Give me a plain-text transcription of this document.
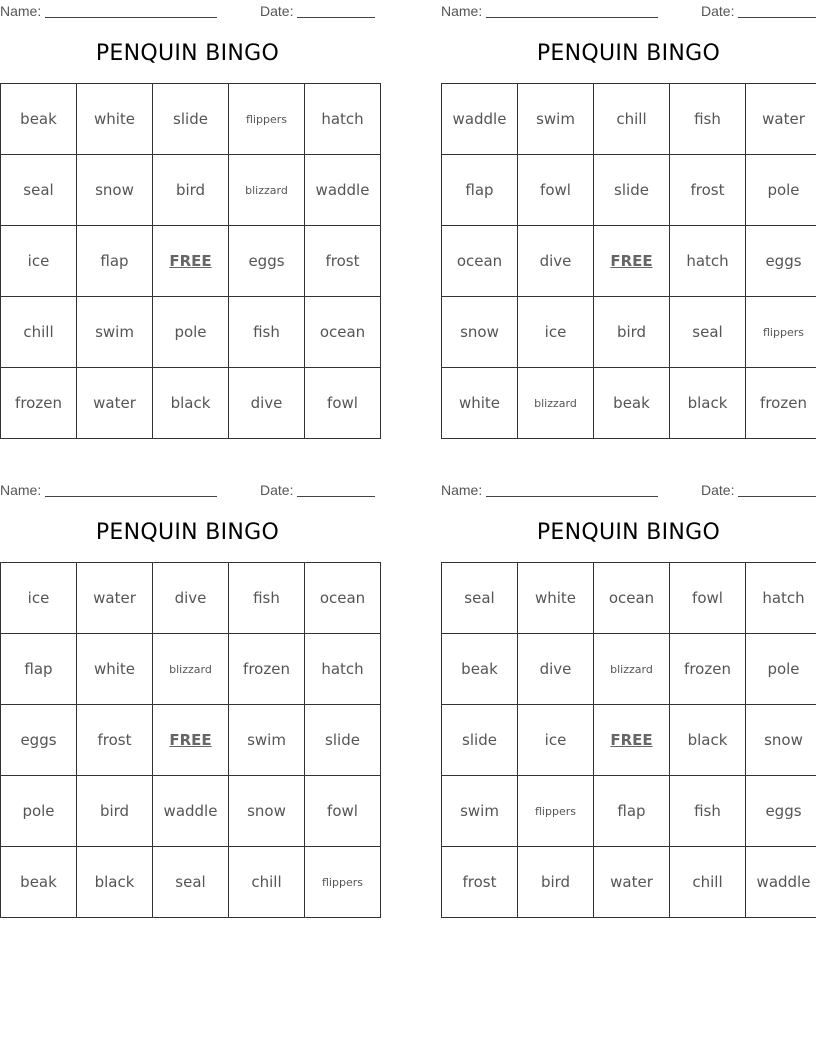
Name:	Date:
PENQUIN BINGO
beak	white	slide	flippers	hatch
seal	snow	bird	blizzard	waddle
ice	flap	FREE	eggs	frost
chill	swim	pole	fish	ocean
frozen	water	black	dive	fowl
Name:	Date:
PENQUIN BINGO
waddle	swim	chill	fish	water
flap	fowl	slide	frost	pole
ocean	dive	FREE	hatch	eggs
snow	ice	bird	seal	flippers
white	blizzard	beak	black	frozen
Name:	Date:
PENQUIN BINGO
ice	water	dive	fish	ocean
flap	white	blizzard	frozen	hatch
eggs	frost	FREE	swim	slide
pole	bird	waddle	snow	fowl
beak	black	seal	chill	flippers
Name:	Date:
PENQUIN BINGO
seal	white	ocean	fowl	hatch
beak	dive	blizzard	frozen	pole
slide	ice	FREE	black	snow
swim	flippers	flap	fish	eggs
frost	bird	water	chill	waddle
